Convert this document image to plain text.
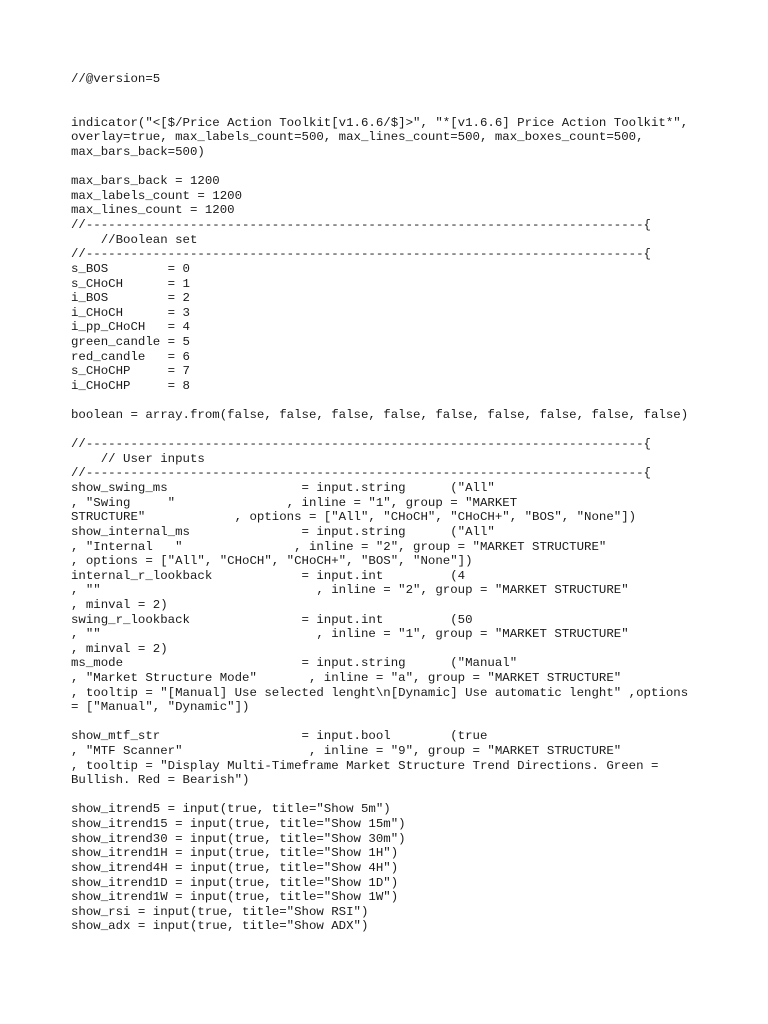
//@version=5
indicator("<[$/Price Action Toolkit[v1.6.6/$]>", "*[v1.6.6] Price Action Toolkit*",
overlay=true, max_labels_count=500, max_lines_count=500, max_boxes_count=500,
max_bars_back=500)
max_bars_back = 1200
max_labels_count = 1200
max_lines_count = 1200
//---------------------------------------------------------------------------{
//Boolean set
//---------------------------------------------------------------------------{
s_BOS        = 0
s_CHoCH      = 1
i_BOS        = 2
i_CHoCH      = 3
i_pp_CHoCH   = 4
green_candle = 5
red_candle   = 6
s_CHoCHP     = 7
i_CHoCHP     = 8
boolean = array.from(false, false, false, false, false, false, false, false, false)
//---------------------------------------------------------------------------{
// User inputs
//---------------------------------------------------------------------------{
show_swing_ms                  = input.string      ("All"
, "Swing     "               , inline = "1", group = "MARKET
STRUCTURE"            , options = ["All", "CHoCH", "CHoCH+", "BOS", "None"])
show_internal_ms               = input.string      ("All"
, "Internal   "               , inline = "2", group = "MARKET STRUCTURE"
, options = ["All", "CHoCH", "CHoCH+", "BOS", "None"])
internal_r_lookback            = input.int         (4
, ""                             , inline = "2", group = "MARKET STRUCTURE"
, minval = 2)
swing_r_lookback               = input.int         (50
, ""                             , inline = "1", group = "MARKET STRUCTURE"
, minval = 2)
ms_mode                        = input.string      ("Manual"
, "Market Structure Mode"       , inline = "a", group = "MARKET STRUCTURE"
, tooltip = "[Manual] Use selected lenght\n[Dynamic] Use automatic lenght" ,options
= ["Manual", "Dynamic"])
show_mtf_str                   = input.bool        (true
, "MTF Scanner"                 , inline = "9", group = "MARKET STRUCTURE"
, tooltip = "Display Multi-Timeframe Market Structure Trend Directions. Green =
Bullish. Red = Bearish")
show_itrend5 = input(true, title="Show 5m")
show_itrend15 = input(true, title="Show 15m")
show_itrend30 = input(true, title="Show 30m")
show_itrend1H = input(true, title="Show 1H")
show_itrend4H = input(true, title="Show 4H")
show_itrend1D = input(true, title="Show 1D")
show_itrend1W = input(true, title="Show 1W")
show_rsi = input(true, title="Show RSI")
show_adx = input(true, title="Show ADX")
